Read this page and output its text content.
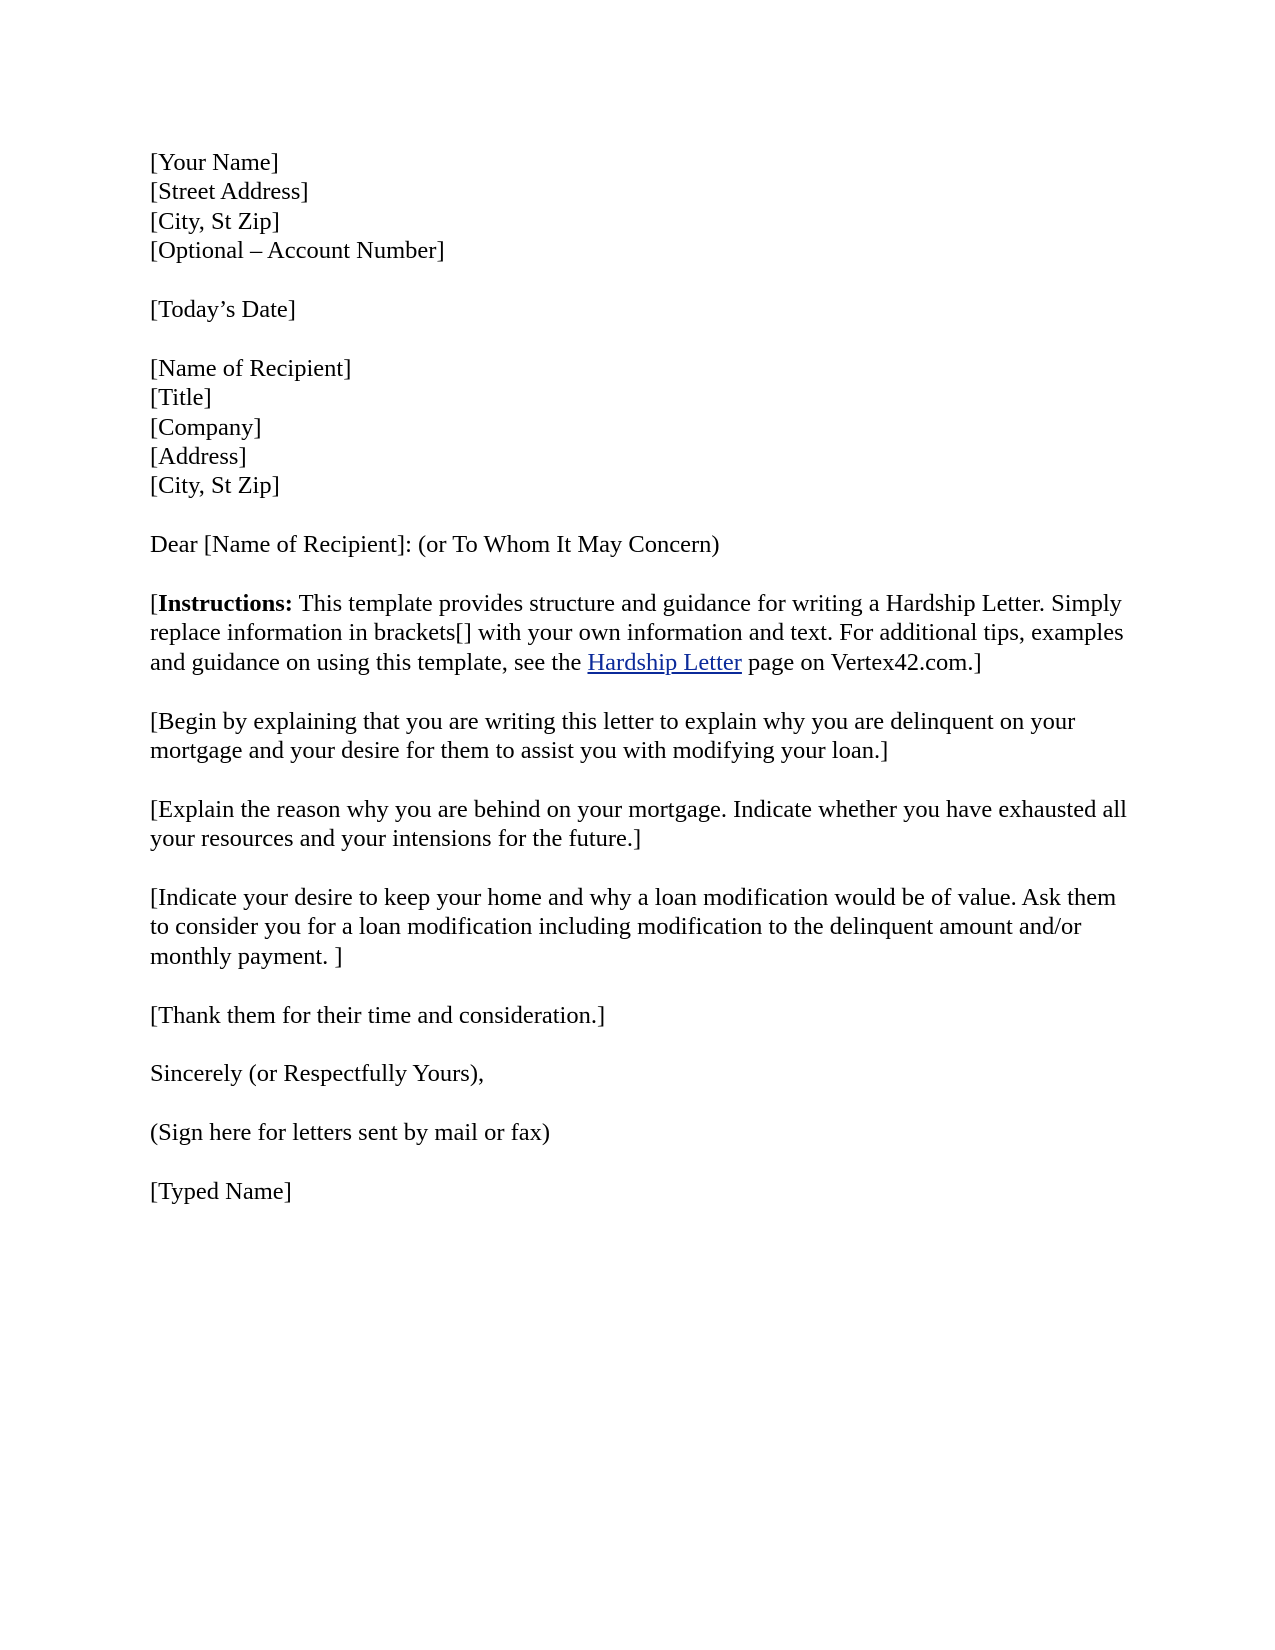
[Your Name]
[Street Address]
[City, St Zip]
[Optional – Account Number]
[Today’s Date]
[Name of Recipient]
[Title]
[Company]
[Address]
[City, St Zip]
Dear [Name of Recipient]: (or To Whom It May Concern)

[Instructions: This template provides structure and guidance for writing a Hardship Letter. Simply replace information in brackets[] with your own information and text. For additional tips, examples and guidance on using this template, see the Hardship Letter page on Vertex42.com.]

[Begin by explaining that you are writing this letter to explain why you are delinquent on your mortgage and your desire for them to assist you with modifying your loan.]

[Explain the reason why you are behind on your mortgage. Indicate whether you have exhausted all your resources and your intensions for the future.]

[Indicate your desire to keep your home and why a loan modification would be of value. Ask them to consider you for a loan modification including modification to the delinquent amount and/or monthly payment. ]

[Thank them for their time and consideration.]

Sincerely (or Respectfully Yours),
(Sign here for letters sent by mail or fax)
[Typed Name]
